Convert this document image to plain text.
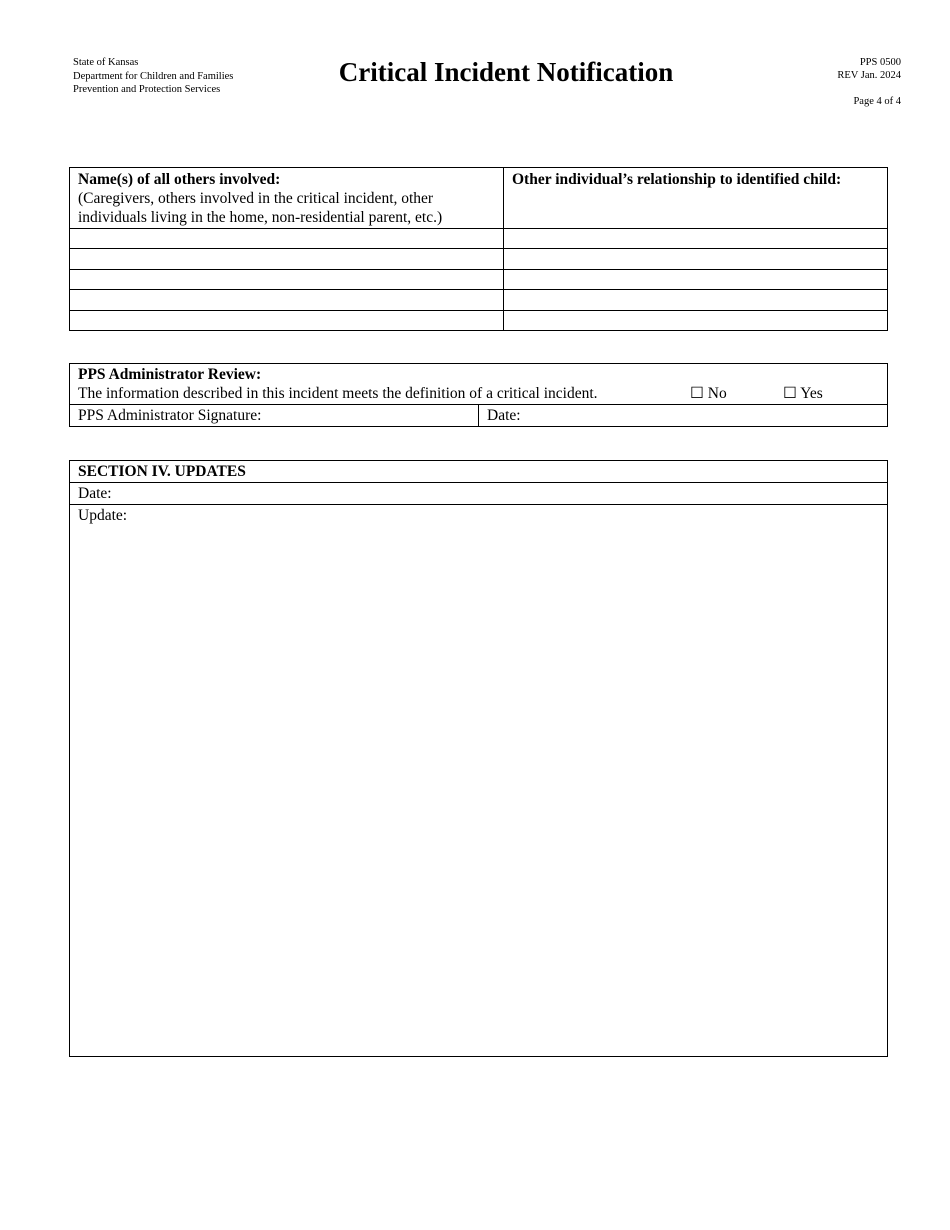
State of Kansas
Department for Children and Families
Prevention and Protection Services
Critical Incident Notification	PPS 0500
REV Jan. 2024
Page 4 of 4
Name(s) of all others involved:
(Caregivers, others involved in the critical incident, other individuals living in the home, non-residential parent, etc.)	Other individual’s relationship to identified child:

PPS Administrator Review:
The information described in this incident meets the definition of a critical incident.	☐ No	☐ Yes

PPS Administrator Signature:	Date:
SECTION IV. UPDATES
Date:
Update:
